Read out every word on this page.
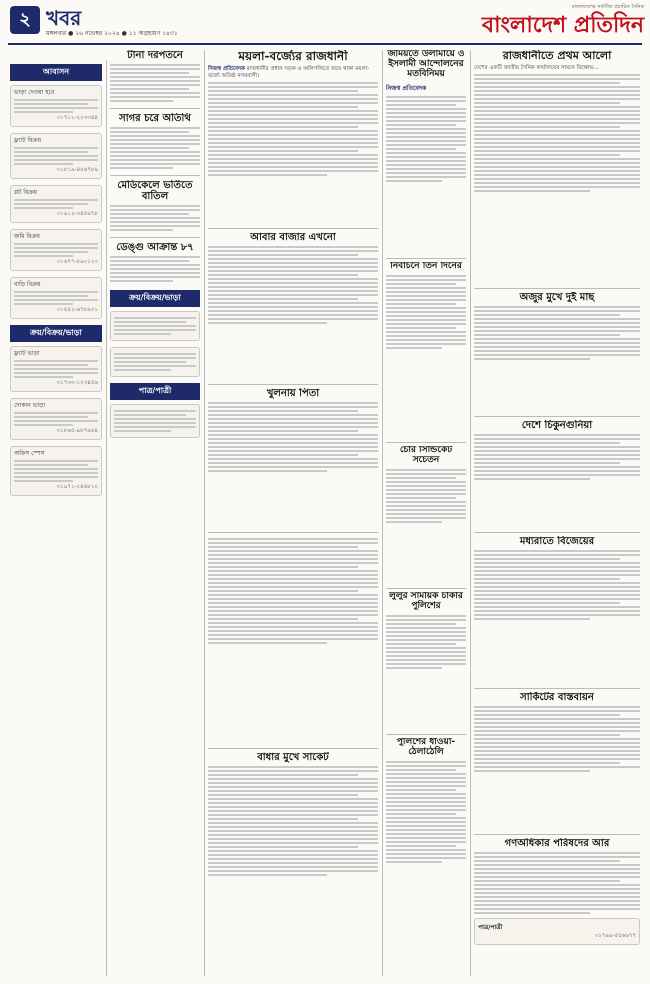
২ খবর
মঙ্গলবার ● ২৬ নভেম্বর ২০২৪ ● ১১ অগ্রহায়ণ ১৪৩১
বাংলাদেশের সর্বাধিক প্রচারিত দৈনিক
বাংলাদেশ প্রতিদিন
আবাসন
ভাড়া দেওয়া হবে
০১৭১১-২২৩৩৪৪
ফ্ল্যাট বিক্রয়
০১৮১৯-৪৫৬৭৮৯
প্লট বিক্রয়
০১৯১২-৩৪৫৬৭৮
জমি বিক্রয়
০১৬৭৭-৮৯০১২৩
বাড়ি বিক্রয়
০১৫৫২-৬৭৮৯০১
ক্রয়/বিক্রয়/ভাড়া
ফ্ল্যাট ভাড়া
০১৭৩০-১২৩৪৫৬
দোকান ভাড়া
০১৮৬৫-৯৮৭৬৫৪
অফিস স্পেস
০১৯৭১-২৪৬৮১০
টানা দরপতনে
সাগর চরে অতিথি
মেডিকেলে ভর্তিতে বাতিল
ডেঙ্গু আক্রান্ত ৮৭
ক্রয়/বিক্রয়/ভাড়া
পাত্র/পাত্রী
ময়লা-বর্জ্যের রাজধানী
নিজস্ব প্রতিবেদক রাজধানীর প্রধান সড়ক ও অলিগলিতে জমে থাকা ময়লা-বর্জ্যে অতিষ্ঠ নগরবাসী।
আবার বাজার এখনো
খুলনায় পিতা
বাধার মুখে সাকেট
জমিয়তে উলামায়ে ও ইসলামী আন্দোলনের মতবিনিময়
নিজস্ব প্রতিবেদক
নির্বাচনে তিন দিনের
চোর সিন্ডিকেট সচেতন
লুলুর সাময়িক চাকরি পুলিশের
পুলিশের ধাওয়া-ঠেলাঠেলি
রাজধানীতে প্রথম আলো
দেশের একটি জাতীয় দৈনিক কার্যালয়ের সামনে বিক্ষোভ...
অজুর মুখে দুই মাছ
দেশে চিকুনগুনিয়া
মধ্যরাতে বিজেয়ের
সার্কিটের বাস্তবায়ন
গণঅধিকার পরিষদের আর
পাত্র/পাত্রী
০১৭৯৯-৫৫৬৬৭৭
